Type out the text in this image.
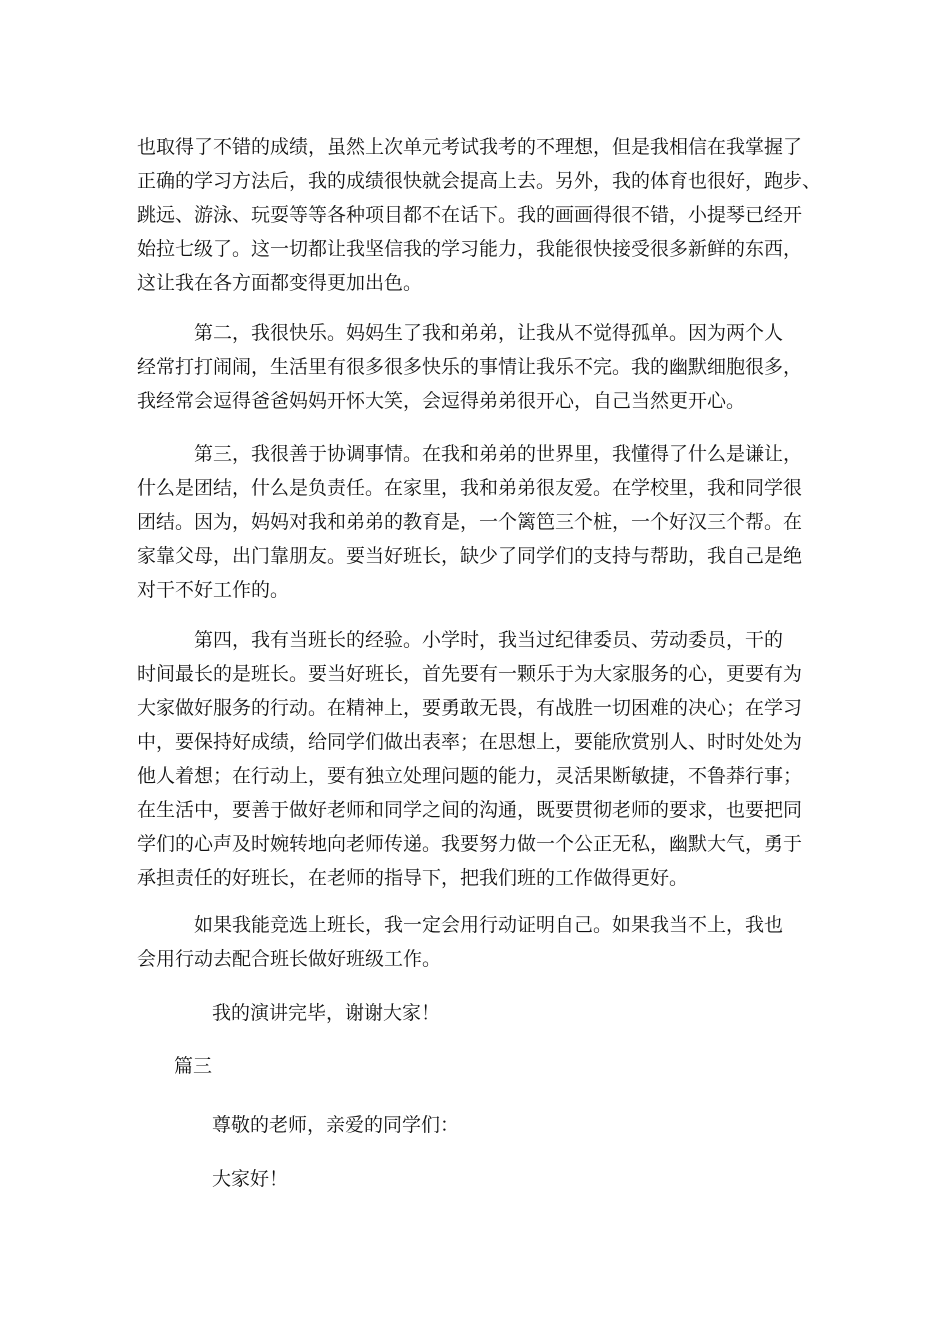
也取得了不错的成绩，虽然上次单元考试我考的不理想，但是我相信在我掌握了
正确的学习方法后，我的成绩很快就会提高上去。另外，我的体育也很好，跑步、
跳远、游泳、玩耍等等各种项目都不在话下。我的画画得很不错，小提琴已经开
始拉七级了。这一切都让我坚信我的学习能力，我能很快接受很多新鲜的东西，
这让我在各方面都变得更加出色。
　　　第二，我很快乐。妈妈生了我和弟弟，让我从不觉得孤单。因为两个人
经常打打闹闹，生活里有很多很多快乐的事情让我乐不完。我的幽默细胞很多，
我经常会逗得爸爸妈妈开怀大笑，会逗得弟弟很开心，自己当然更开心。
　　　第三，我很善于协调事情。在我和弟弟的世界里，我懂得了什么是谦让，
什么是团结，什么是负责任。在家里，我和弟弟很友爱。在学校里，我和同学很
团结。因为，妈妈对我和弟弟的教育是，一个篱笆三个桩，一个好汉三个帮。在
家靠父母，出门靠朋友。要当好班长，缺少了同学们的支持与帮助，我自己是绝
对干不好工作的。
　　　第四，我有当班长的经验。小学时，我当过纪律委员、劳动委员，干的
时间最长的是班长。要当好班长，首先要有一颗乐于为大家服务的心，更要有为
大家做好服务的行动。在精神上，要勇敢无畏，有战胜一切困难的决心；在学习
中，要保持好成绩，给同学们做出表率；在思想上，要能欣赏别人、时时处处为
他人着想；在行动上，要有独立处理问题的能力，灵活果断敏捷，不鲁莽行事；
在生活中，要善于做好老师和同学之间的沟通，既要贯彻老师的要求，也要把同
学们的心声及时婉转地向老师传递。我要努力做一个公正无私，幽默大气，勇于
承担责任的好班长，在老师的指导下，把我们班的工作做得更好。
　　　如果我能竞选上班长，我一定会用行动证明自己。如果我当不上，我也
会用行动去配合班长做好班级工作。

我的演讲完毕，谢谢大家！

篇三

尊敬的老师，亲爱的同学们：

大家好！
